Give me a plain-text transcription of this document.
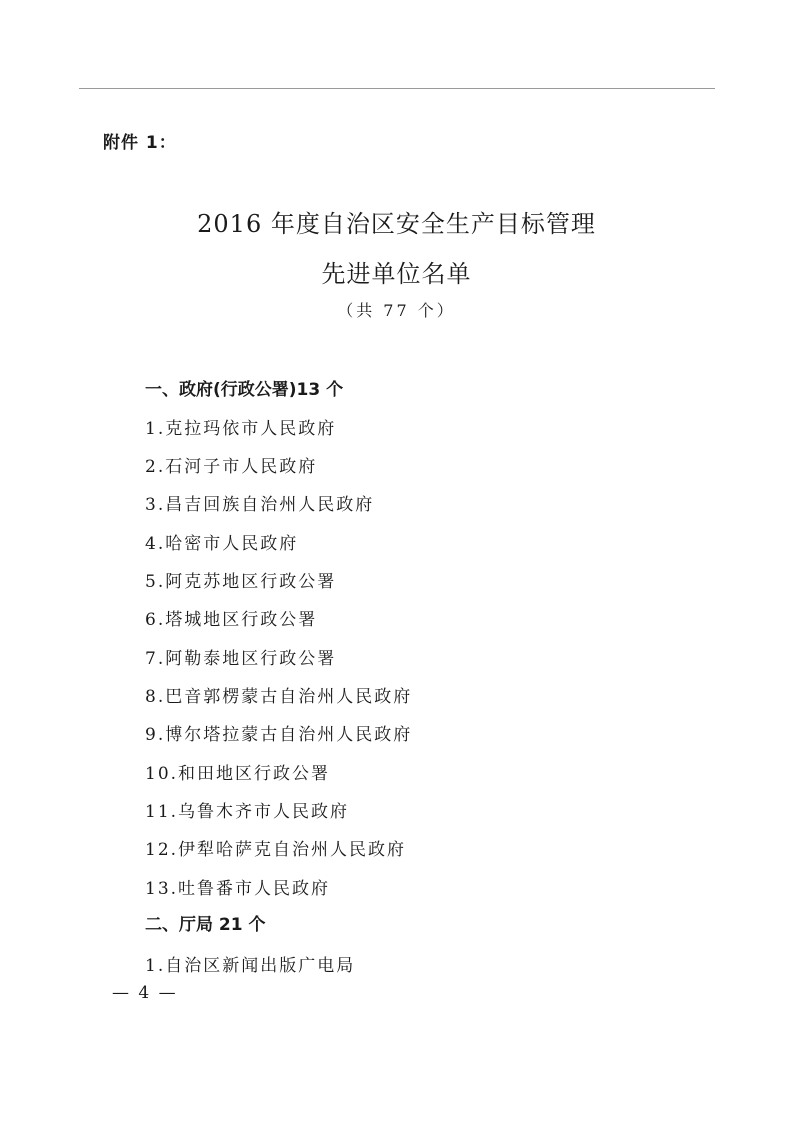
附件 1：
2016 年度自治区安全生产目标管理
先进单位名单
（共 77 个）
一、政府(行政公署)13 个
1.克拉玛依市人民政府
2.石河子市人民政府
3.昌吉回族自治州人民政府
4.哈密市人民政府
5.阿克苏地区行政公署
6.塔城地区行政公署
7.阿勒泰地区行政公署
8.巴音郭楞蒙古自治州人民政府
9.博尔塔拉蒙古自治州人民政府
10.和田地区行政公署
11.乌鲁木齐市人民政府
12.伊犁哈萨克自治州人民政府
13.吐鲁番市人民政府
二、厅局 21 个
1.自治区新闻出版广电局
— 4 —
